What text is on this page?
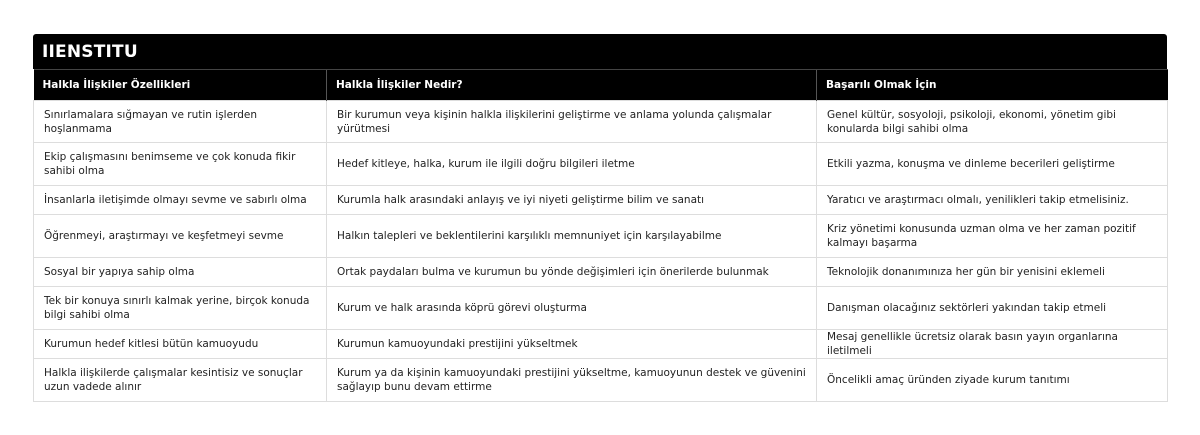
IIENSTITU
Halkla İlişkiler Özellikleri	Halkla İlişkiler Nedir?	Başarılı Olmak İçin
Sınırlamalara sığmayan ve rutin işlerden hoşlanmama	Bir kurumun veya kişinin halkla ilişkilerini geliştirme ve anlama yolunda çalışmalar yürütmesi	Genel kültür, sosyoloji, psikoloji, ekonomi, yönetim gibi konularda bilgi sahibi olma
Ekip çalışmasını benimseme ve çok konuda fikir sahibi olma	Hedef kitleye, halka, kurum ile ilgili doğru bilgileri iletme	Etkili yazma, konuşma ve dinleme becerileri geliştirme
İnsanlarla iletişimde olmayı sevme ve sabırlı olma	Kurumla halk arasındaki anlayış ve iyi niyeti geliştirme bilim ve sanatı	Yaratıcı ve araştırmacı olmalı, yenilikleri takip etmelisiniz.
Öğrenmeyi, araştırmayı ve keşfetmeyi sevme	Halkın talepleri ve beklentilerini karşılıklı memnuniyet için karşılayabilme	Kriz yönetimi konusunda uzman olma ve her zaman pozitif kalmayı başarma
Sosyal bir yapıya sahip olma	Ortak paydaları bulma ve kurumun bu yönde değişimleri için önerilerde bulunmak	Teknolojik donanımınıza her gün bir yenisini eklemeli
Tek bir konuya sınırlı kalmak yerine, birçok konuda bilgi sahibi olma	Kurum ve halk arasında köprü görevi oluşturma	Danışman olacağınız sektörleri yakından takip etmeli
Kurumun hedef kitlesi bütün kamuoyudu	Kurumun kamuoyundaki prestijini yükseltmek	Mesaj genellikle ücretsiz olarak basın yayın organlarına iletilmeli
Halkla ilişkilerde çalışmalar kesintisiz ve sonuçlar uzun vadede alınır	Kurum ya da kişinin kamuoyundaki prestijini yükseltme, kamuoyunun destek ve güvenini sağlayıp bunu devam ettirme	Öncelikli amaç üründen ziyade kurum tanıtımı
